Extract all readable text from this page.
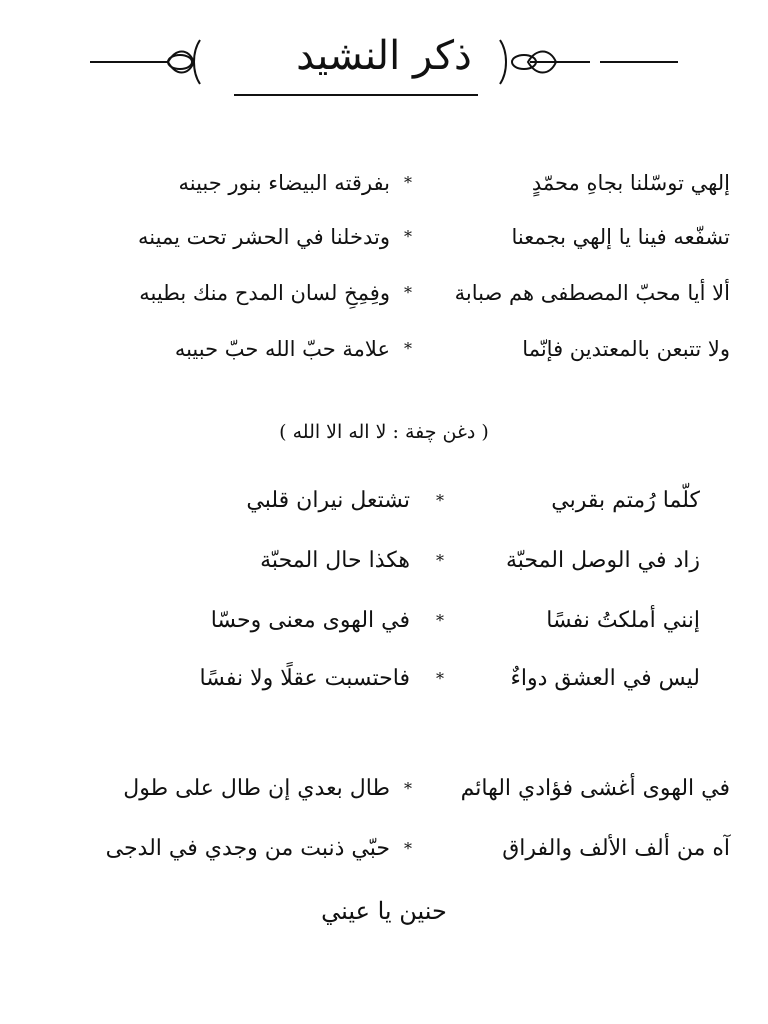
ذكر النشيد
إلهي توسّلنا بجاهِ محمّدٍ
*
بفرقته البيضاء بنور جبينه
تشفّعه فينا يا إلهي بجمعنا
*
وتدخلنا في الحشر تحت يمينه
ألا أيا محبّ المصطفى هم صبابة
*
وفِمِخِ لسان المدح منك بطيبه
ولا تتبعن بالمعتدين فإنّما
*
علامة حبّ الله حبّ حبيبه
( دغن چفة : لا اله الا الله )
كلّما رُمتم بقربي
*
تشتعل نيران قلبي
زاد في الوصل المحبّة
*
هكذا حال المحبّة
إنني أملكتُ نفسًا
*
في الهوى معنى وحسّا
ليس في العشق دواءٌ
*
فاحتسبت عقلًا ولا نفسًا
في الهوى أغشى فؤادي الهائم
*
طال بعدي إن طال على طول
آه من ألف الألف والفراق
*
حبّي ذنبت من وجدي في الدجى
حنين يا عيني
